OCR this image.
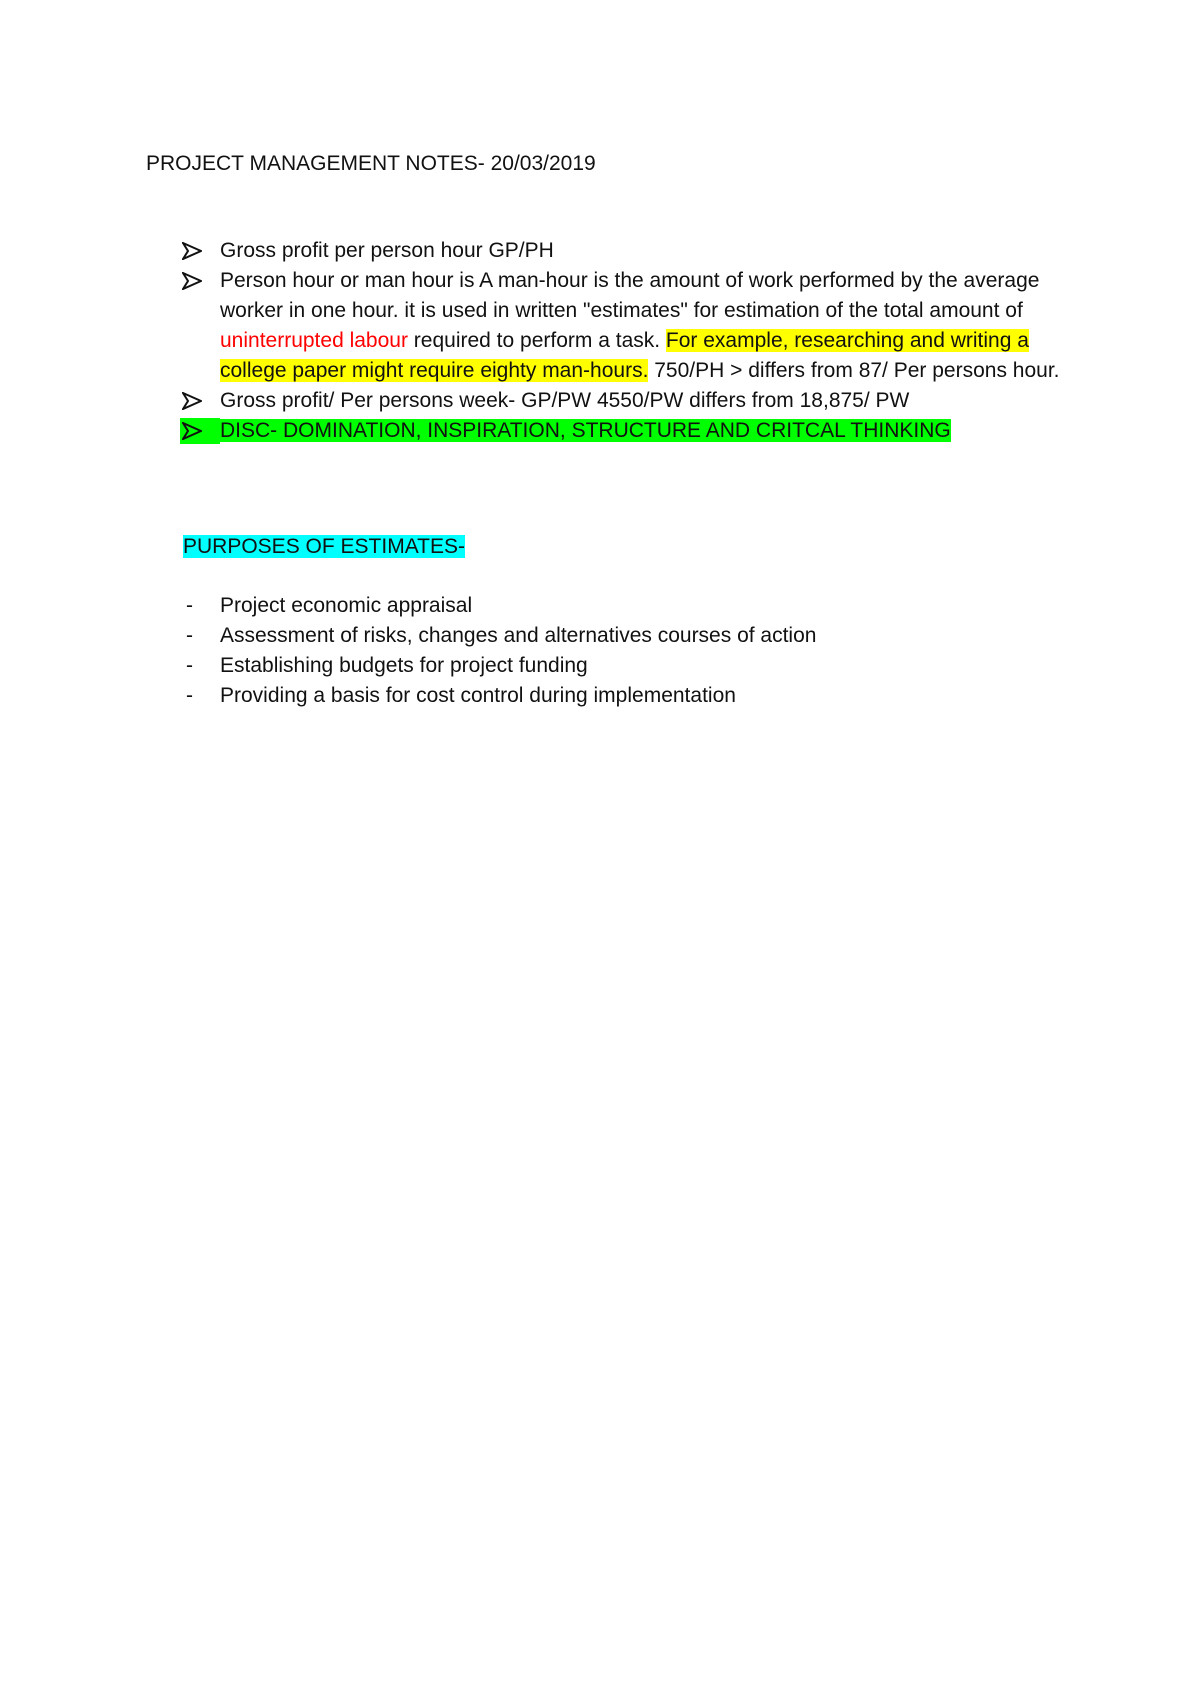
PROJECT MANAGEMENT NOTES- 20/03/2019
Gross profit per person hour GP/PH
Person hour or man hour is A man-hour is the amount of work performed by the average worker in one hour. it is used in written "estimates" for estimation of the total amount of uninterrupted labour required to perform a task. For example, researching and writing a college paper might require eighty man-hours. 750/PH > differs from 87/ Per persons hour.
Gross profit/ Per persons week- GP/PW 4550/PW differs from 18,875/ PW
DISC- DOMINATION, INSPIRATION, STRUCTURE AND CRITCAL THINKING
PURPOSES OF ESTIMATES-
- Project economic appraisal
- Assessment of risks, changes and alternatives courses of action
- Establishing budgets for project funding
- Providing a basis for cost control during implementation
